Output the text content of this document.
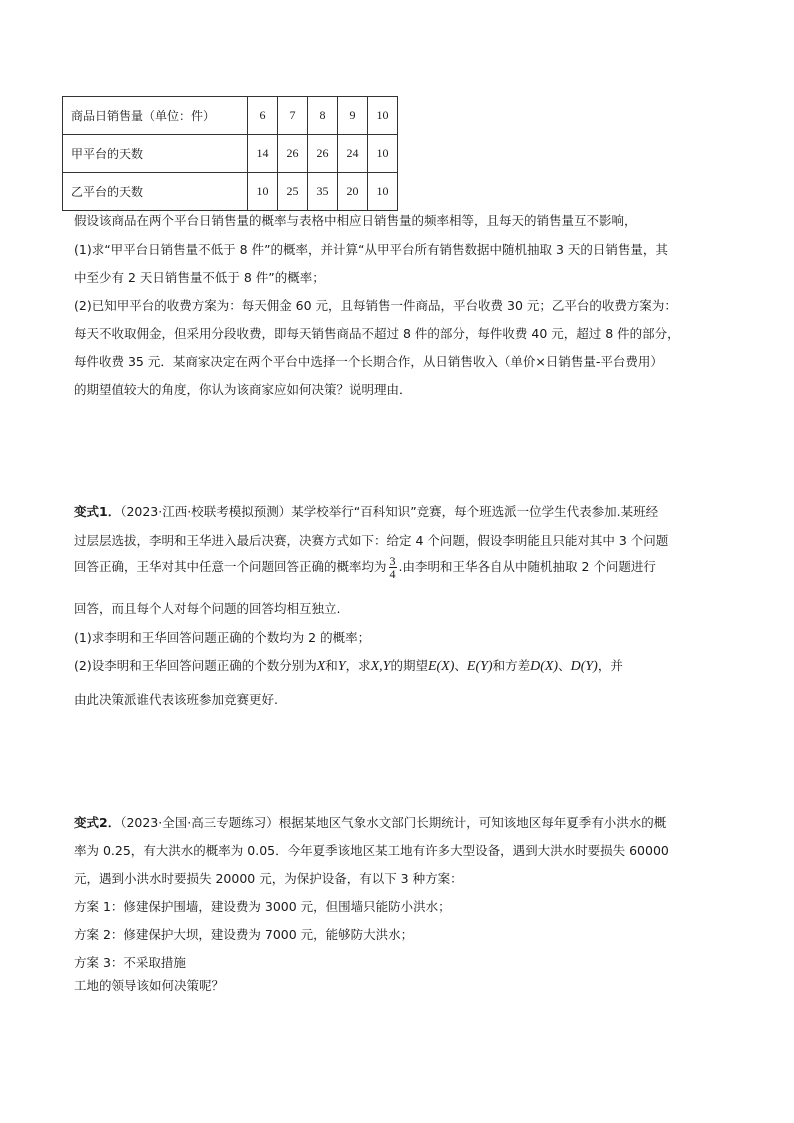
商品日销售量（单位：件）	6	7	8	9	10
甲平台的天数	14	26	26	24	10
乙平台的天数	10	25	35	20	10
假设该商品在两个平台日销售量的概率与表格中相应日销售量的频率相等，且每天的销售量互不影响，
(1)求“甲平台日销售量不低于 8 件”的概率，并计算“从甲平台所有销售数据中随机抽取 3 天的日销售量，其
中至少有 2 天日销售量不低于 8 件”的概率；
(2)已知甲平台的收费方案为：每天佣金 60 元，且每销售一件商品，平台收费 30 元；乙平台的收费方案为：
每天不收取佣金，但采用分段收费，即每天销售商品不超过 8 件的部分，每件收费 40 元，超过 8 件的部分，
每件收费 35 元．某商家决定在两个平台中选择一个长期合作，从日销售收入（单价×日销售量-平台费用）
的期望值较大的角度，你认为该商家应如何决策？说明理由．
变式1．（2023·江西·校联考模拟预测）某学校举行“百科知识”竞赛，每个班选派一位学生代表参加.某班经
过层层选拔，李明和王华进入最后决赛，决赛方式如下：给定 4 个问题，假设李明能且只能对其中 3 个问题
回答正确，王华对其中任意一个问题回答正确的概率均为 $\frac{3}{4}$ .由李明和王华各自从中随机抽取 2 个问题进行
回答，而且每个人对每个问题的回答均相互独立.
(1)求李明和王华回答问题正确的个数均为 2 的概率；
(2)设李明和王华回答问题正确的个数分别为X和Y，求X,Y的期望E(X)、E(Y)和方差D(X)、D(Y)，并
由此决策派谁代表该班参加竞赛更好.
变式2．（2023·全国·高三专题练习）根据某地区气象水文部门长期统计，可知该地区每年夏季有小洪水的概
率为 0.25，有大洪水的概率为 0.05．今年夏季该地区某工地有许多大型设备，遇到大洪水时要损失 60000
元，遇到小洪水时要损失 20000 元，为保护设备，有以下 3 种方案：
方案 1：修建保护围墙，建设费为 3000 元，但围墙只能防小洪水；
方案 2：修建保护大坝，建设费为 7000 元，能够防大洪水；
方案 3：不采取措施
工地的领导该如何决策呢？
